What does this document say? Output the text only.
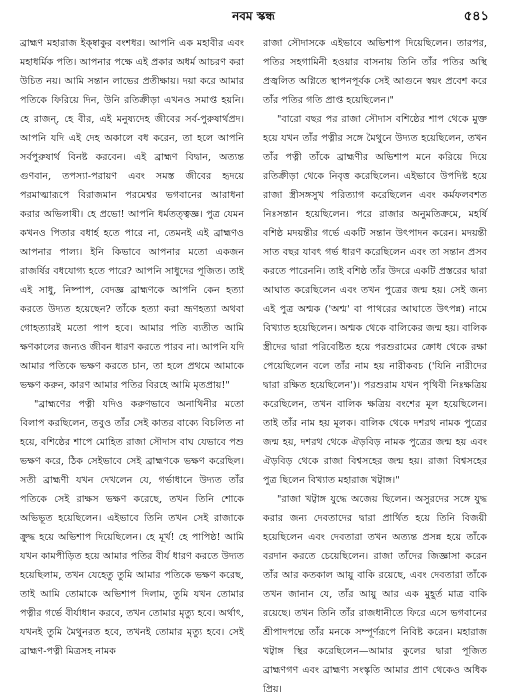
নবম স্কন্ধ	৫৪১

ব্রাহ্মণ মহারাজ ইক্ষ্বাকুর বংশধর। আপনি এক মহাবীর এবং মহাধর্মিক পতি। আপনার পক্ষে এই প্রকার অধর্ম আচরণ করা উচিত নয়। আমি সন্তান লাভের প্রতীক্ষায়। দয়া করে আমার পতিকে ফিরিয়ে দিন, উনি রতিক্রীড়া এখনও সমাপ্ত হয়নি। হে রাজন্, হে বীর, এই মনুষ্যদেহ জীবের সর্ব-পুরুষার্থপ্রদ। আপনি যদি এই দেহ অকালে বধ করেন, তা হলে আপনি সর্বপুরুষার্থ বিনষ্ট করবেন। এই ব্রাহ্মণ বিদ্বান, অত্যন্ত গুণবান, তপস্যা-পরায়ণ এবং সমস্ত জীবের হৃদয়ে পরমাত্মারূপে বিরাজমান পরমেশ্বর ভগবানের আরাধনা করার অভিলাষী। হে প্রভো! আপনি ধর্মতত্ত্বজ্ঞ। পুত্র যেমন কখনও পিতার বধার্হ হতে পারে না, তেমনই এই ব্রাহ্মণও আপনার পাল্য। ইনি কিভাবে আপনার মতো একজন রাজর্ষির বধযোগ্য হতে পারে? আপনি সাধুদের পূজিত। তাই এই সাধু, নিষ্পাপ, বেদজ্ঞ ব্রাহ্মণকে আপনি কেন হত্যা করতে উদ্যত হয়েছেন? তাঁকে হত্যা করা ভ্রূণহত্যা অথবা গোহত্যারই মতো পাপ হবে। আমার পতি ব্যতীত আমি ক্ষণকালের জন্যও জীবন ধারণ করতে পারব না। আপনি যদি আমার পতিকে ভক্ষণ করতে চান, তা হলে প্রথমে আমাকে ভক্ষণ করুন, কারণ আমার পতির বিরহে আমি মৃতপ্রায়!"

"ব্রাহ্মণের পত্নী যদিও করুণভাবে অনাথিনীর মতো বিলাপ করছিলেন, তবুও তাঁর সেই কাতর বাক্যে বিচলিত না হয়ে, বশিষ্ঠের শাপে মোহিত রাজা সৌদাস বাঘ যেভাবে পশু ভক্ষণ করে, ঠিক সেইভাবে সেই ব্রাহ্মণকে ভক্ষণ করেছিল। সতী ব্রাহ্মণী যখন দেখলেন যে, গর্ভাধানে উদ্যত তাঁর পতিকে সেই রাক্ষস ভক্ষণ করেছে, তখন তিনি শোকে অভিভূত হয়েছিলেন। এইভাবে তিনি তখন সেই রাজাকে ক্রুদ্ধ হয়ে অভিশাপ দিয়েছিলেন। হে মূর্খ! হে পাপিষ্ঠ! আমি যখন কামপীড়িত হয়ে আমার পতির বীর্য ধারণ করতে উদ্যত হয়েছিলাম, তখন যেহেতু তুমি আমার পতিকে ভক্ষণ করেছ, তাই আমি তোমাকে অভিশাপ দিলাম, তুমি যখন তোমার পত্নীর গর্ভে বীর্যাধান করবে, তখন তোমার মৃত্যু হবে। অর্থাৎ, যখনই তুমি মৈথুনরত হবে, তখনই তোমার মৃত্যু হবে। সেই ব্রাহ্মণ-পত্নী মিত্রসহ নামক

রাজা সৌদাসকে এইভাবে অভিশাপ দিয়েছিলেন। তারপর, পতির সহগামিনী হওয়ার বাসনায় তিনি তাঁর পতির অস্থি প্রজ্বলিত অগ্নিতে স্থাপনপূর্বক সেই আগুনে স্বয়ং প্রবেশ করে তাঁর পতির গতি প্রাপ্ত হয়েছিলেন।"

"বারো বছর পর রাজা সৌদাস বশিষ্ঠের শাপ থেকে মুক্ত হয়ে যখন তাঁর পত্নীর সঙ্গে মৈথুনে উদ্যত হয়েছিলেন, তখন তাঁর পত্নী তাঁকে ব্রাহ্মণীর অভিশাপ মনে করিয়ে দিয়ে রতিক্রীড়া থেকে নিবৃত্ত করেছিলেন। এইভাবে উপদিষ্ট হয়ে রাজা স্ত্রীসঙ্গসুখ পরিত্যাগ করেছিলেন এবং কর্মফলবশত নিঃসন্তান হয়েছিলেন। পরে রাজার অনুমতিক্রমে, মহর্ষি বশিষ্ঠ মদয়ন্তীর গর্ভে একটি সন্তান উৎপাদন করেন। মদয়ন্তী সাত বছর যাবৎ গর্ভ ধারণ করেছিলেন এবং তা সন্তান প্রসব করতে পারেননি। তাই বশিষ্ঠ তাঁর উদরে একটি প্রস্তরের দ্বারা আঘাত করেছিলেন এবং তখন পুত্রের জন্ম হয়। সেই জন্য এই পুত্র অশ্মক ('অশ্ম' বা পাথরের আঘাতে উৎপন্ন) নামে বিখ্যাত হয়েছিলেন। অশ্মক থেকে বালিকের জন্ম হয়। বালিক স্ত্রীদের দ্বারা পরিবেষ্টিত হয়ে পরশুরামের ক্রোধ থেকে রক্ষা পেয়েছিলেন বলে তাঁর নাম হয় নারীকবচ ('যিনি নারীদের দ্বারা রক্ষিত হয়েছিলেন')। পরশুরাম যখন পৃথিবী নিঃক্ষত্রিয় করেছিলেন, তখন বালিক ক্ষত্রিয় বংশের মূল হয়েছিলেন। তাই তাঁর নাম হয় মূলক। বালিক থেকে দশরথ নামক পুত্রের জন্ম হয়, দশরথ থেকে ঐড়বিড় নামক পুত্রের জন্ম হয় এবং ঐড়বিড় থেকে রাজা বিশ্বসহের জন্ম হয়। রাজা বিশ্বসহের পুত্র ছিলেন বিখ্যাত মহারাজ খট্বাঙ্গ।"

"রাজা খট্বাঙ্গ যুদ্ধে অজেয় ছিলেন। অসুরদের সঙ্গে যুদ্ধ করার জন্য দেবতাদের দ্বারা প্রার্থিত হয়ে তিনি বিজয়ী হয়েছিলেন এবং দেবতারা তখন অত্যন্ত প্রসন্ন হয়ে তাঁকে বরদান করতে চেয়েছিলেন। রাজা তাঁদের জিজ্ঞাসা করেন তাঁর আর কতকাল আয়ু বাকি রয়েছে, এবং দেবতারা তাঁকে তখন জানান যে, তাঁর আয়ু আর এক মুহূর্ত মাত্র বাকি রয়েছে। তখন তিনি তাঁর রাজধানীতে ফিরে এসে ভগবানের শ্রীপাদপদ্মে তাঁর মনকে সম্পূর্ণরূপে নিবিষ্ট করেন। মহারাজ খট্বাঙ্গ স্থির করেছিলেন—আমার কুলের দ্বারা পূজিত ব্রাহ্মণগণ এবং ব্রাহ্মণ্য সংস্কৃতি আমার প্রাণ থেকেও অধিক প্রিয়।
